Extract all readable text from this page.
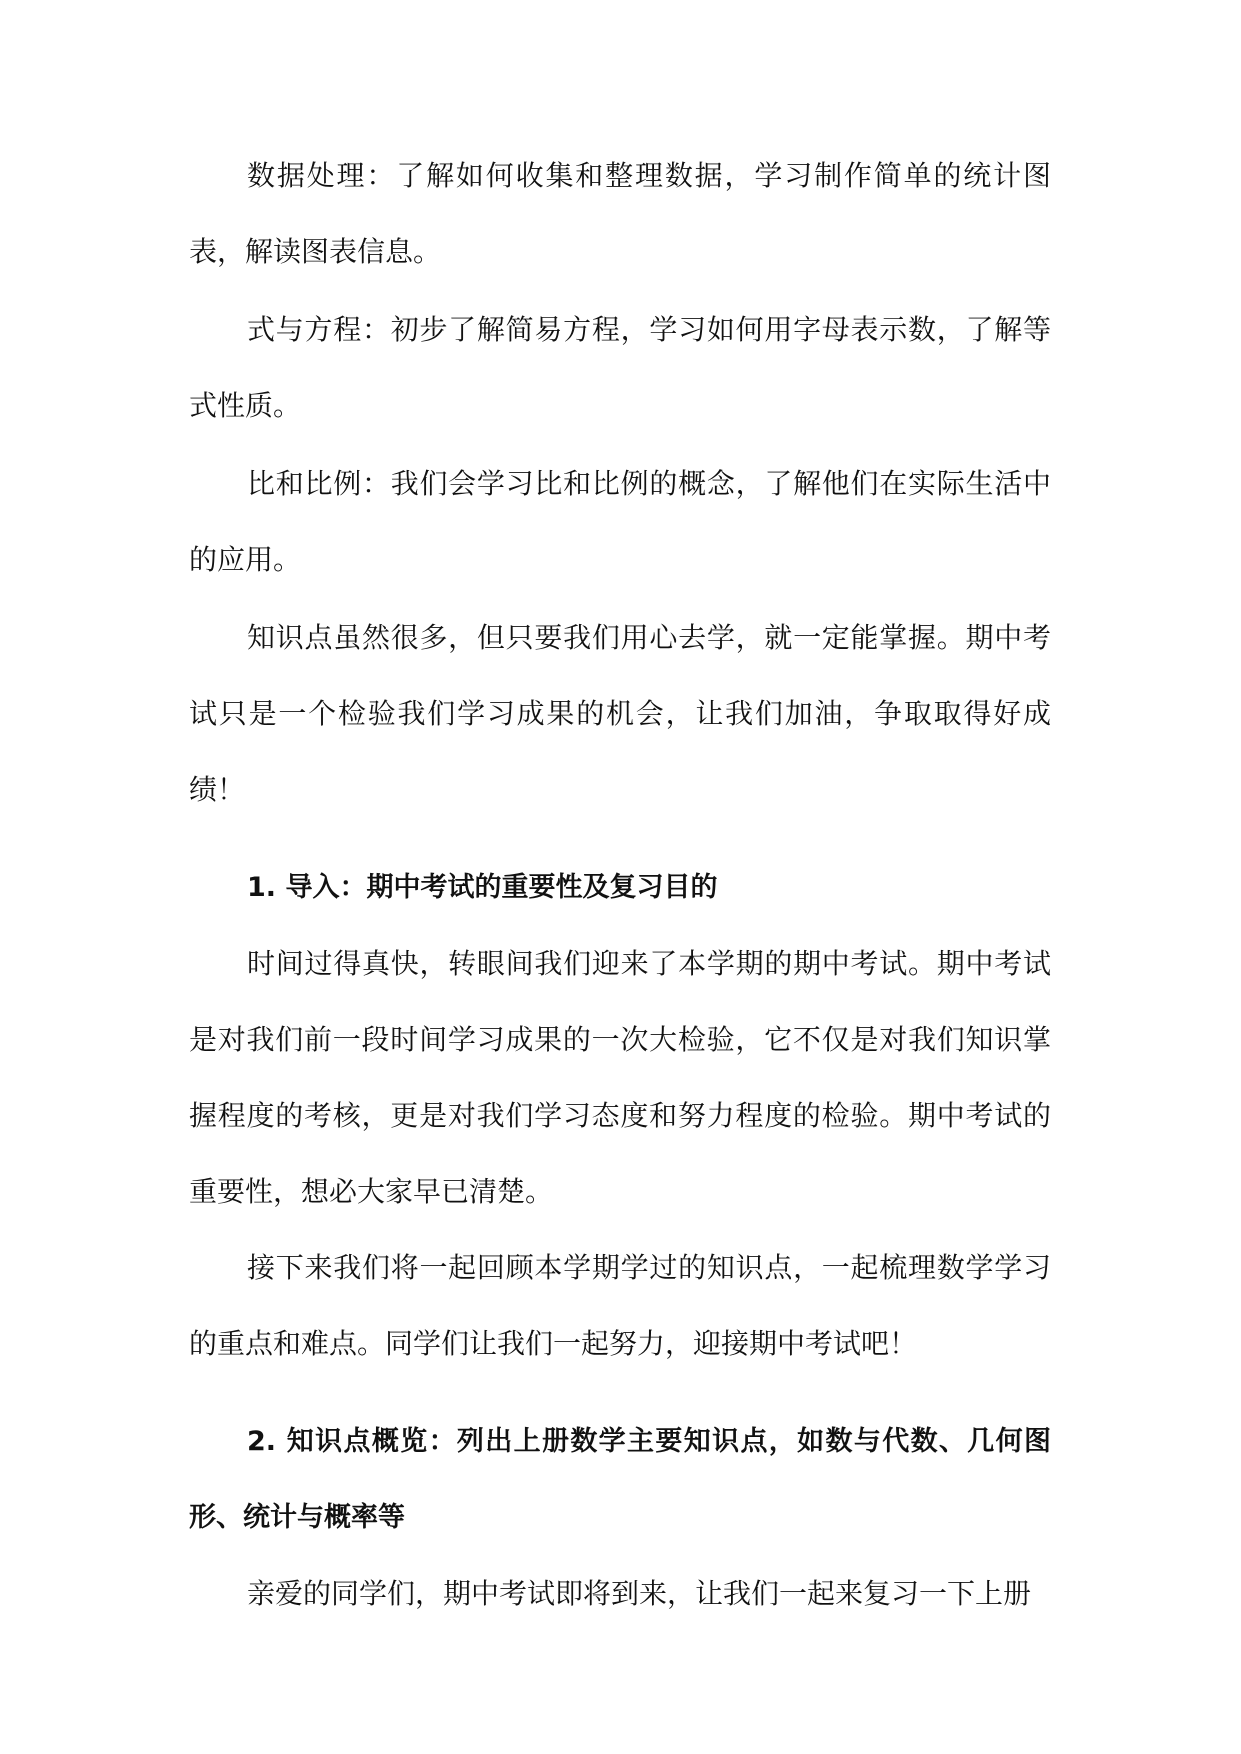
数据处理：了解如何收集和整理数据，学习制作简单的统计图表，解读图表信息。

式与方程：初步了解简易方程，学习如何用字母表示数，了解等式性质。

比和比例：我们会学习比和比例的概念，了解他们在实际生活中的应用。

知识点虽然很多，但只要我们用心去学，就一定能掌握。期中考试只是一个检验我们学习成果的机会，让我们加油，争取取得好成绩！

1. 导入：期中考试的重要性及复习目的

时间过得真快，转眼间我们迎来了本学期的期中考试。期中考试是对我们前一段时间学习成果的一次大检验，它不仅是对我们知识掌握程度的考核，更是对我们学习态度和努力程度的检验。期中考试的重要性，想必大家早已清楚。

接下来我们将一起回顾本学期学过的知识点，一起梳理数学学习的重点和难点。同学们让我们一起努力，迎接期中考试吧！

2. 知识点概览：列出上册数学主要知识点，如数与代数、几何图形、统计与概率等

亲爱的同学们，期中考试即将到来，让我们一起来复习一下上册
